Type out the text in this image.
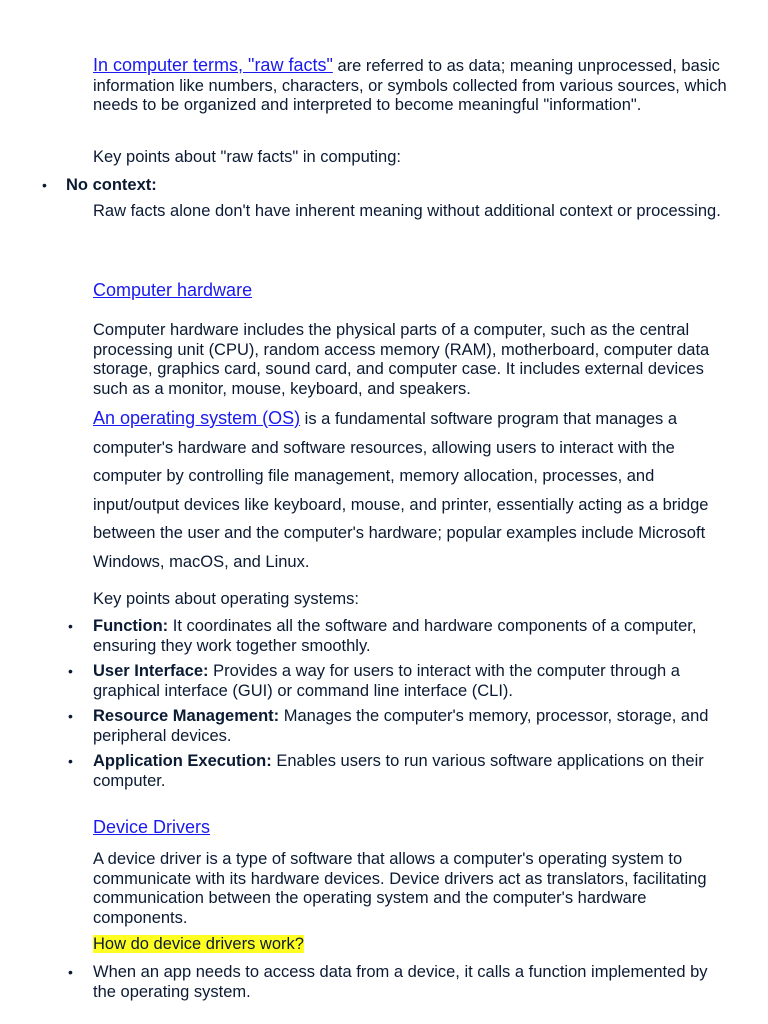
In computer terms, "raw facts" are referred to as data; meaning unprocessed, basic information like numbers, characters, or symbols collected from various sources, which needs to be organized and interpreted to become meaningful "information".
Key points about "raw facts" in computing:
• No context:
Raw facts alone don't have inherent meaning without additional context or processing.
Computer hardware
Computer hardware includes the physical parts of a computer, such as the central processing unit (CPU), random access memory (RAM), motherboard, computer data storage, graphics card, sound card, and computer case. It includes external devices such as a monitor, mouse, keyboard, and speakers.
An operating system (OS) is a fundamental software program that manages a computer's hardware and software resources, allowing users to interact with the computer by controlling file management, memory allocation, processes, and input/output devices like keyboard, mouse, and printer, essentially acting as a bridge between the user and the computer's hardware; popular examples include Microsoft Windows, macOS, and Linux.
Key points about operating systems:
• Function: It coordinates all the software and hardware components of a computer, ensuring they work together smoothly.
• User Interface: Provides a way for users to interact with the computer through a graphical interface (GUI) or command line interface (CLI).
• Resource Management: Manages the computer's memory, processor, storage, and peripheral devices.
• Application Execution: Enables users to run various software applications on their computer.
Device Drivers
A device driver is a type of software that allows a computer's operating system to communicate with its hardware devices. Device drivers act as translators, facilitating communication between the operating system and the computer's hardware components.
How do device drivers work?
• When an app needs to access data from a device, it calls a function implemented by the operating system.
